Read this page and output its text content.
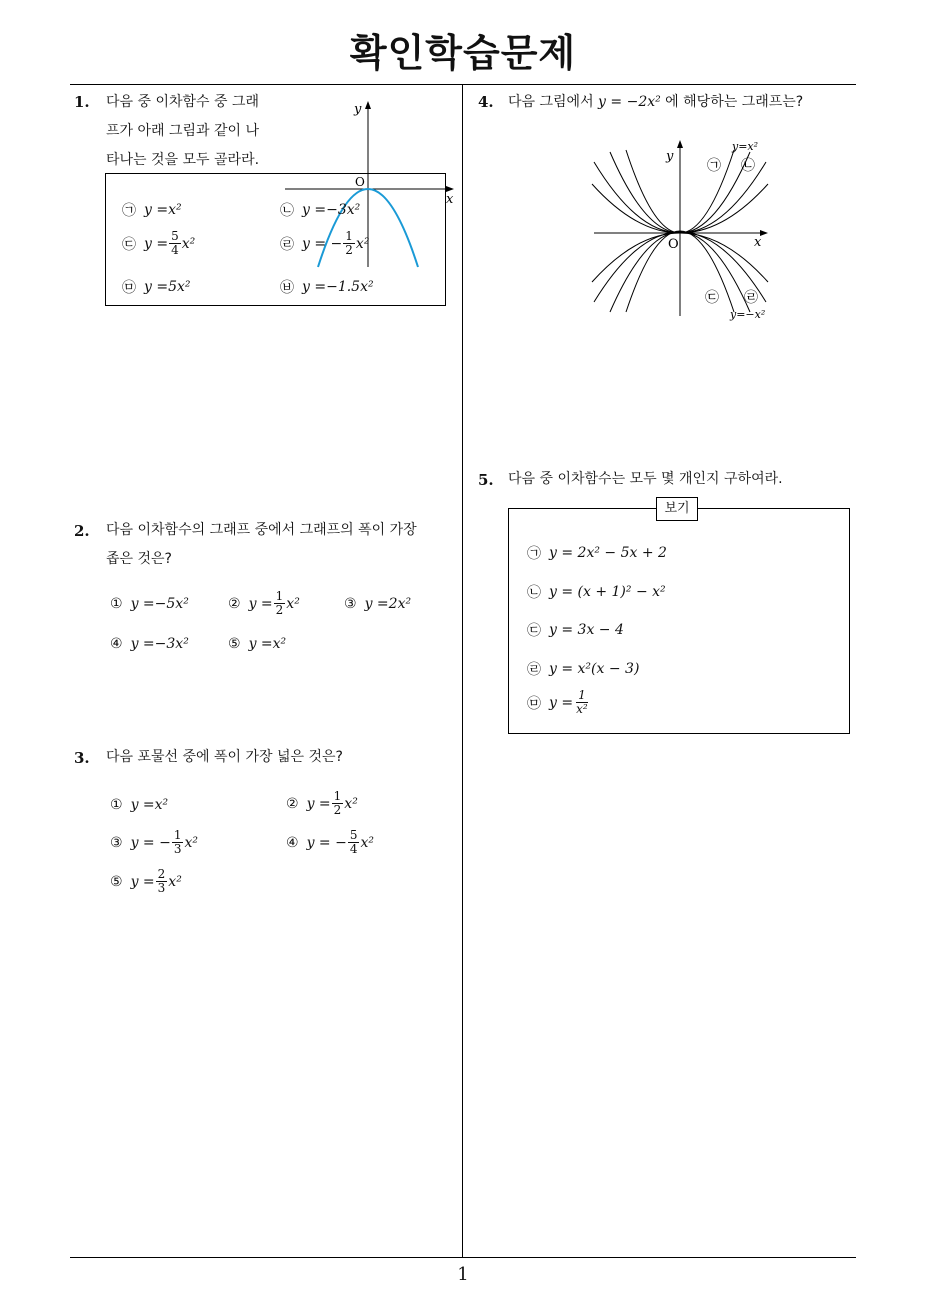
확인학습문제
1
1. 다음 중 이차함수 중 그래
프가 아래 그림과 같이 나
타나는 것을 모두 골라라.
y
x
O
㉠ y = x²	㉡ y = −3 x²
㉢ $y = \frac{5}{4} x^2$	㉣ y = − $\frac{1}{2} x^2$
㉤ y = 5 x²	㉥ y = −1.5 x²
2. 다음 이차함수의 그래프 중에서 그래프의 폭이 가장
좁은 것은?
① y = −5 x²	② $y = \frac{1}{2} x^2$	③ y = 2 x²
④ y = −3 x²	⑤ y = x²
3. 다음 포물선 중에 폭이 가장 넓은 것은?
① y = x²	② $y = \frac{1}{2} x^2$
③ y = − $\frac{1}{3} x^2$	④ y = − $\frac{5}{4} x^2$
⑤ $y = \frac{2}{3} x^2$
4. 다음 그림에서 y = −2x² 에 해당하는 그래프는?
y
x
O
y=x²
y=−x²
㉠ ㉡
㉢ ㉣
5. 다음 중 이차함수는 모두 몇 개인지 구하여라.
보기
㉠ y = 2x² − 5x + 2
㉡ y = (x + 1)² − x²
㉢ y = 3x − 4
㉣ y = x²(x − 3)
㉤ $y = \frac{1}{\text{x²}}$
